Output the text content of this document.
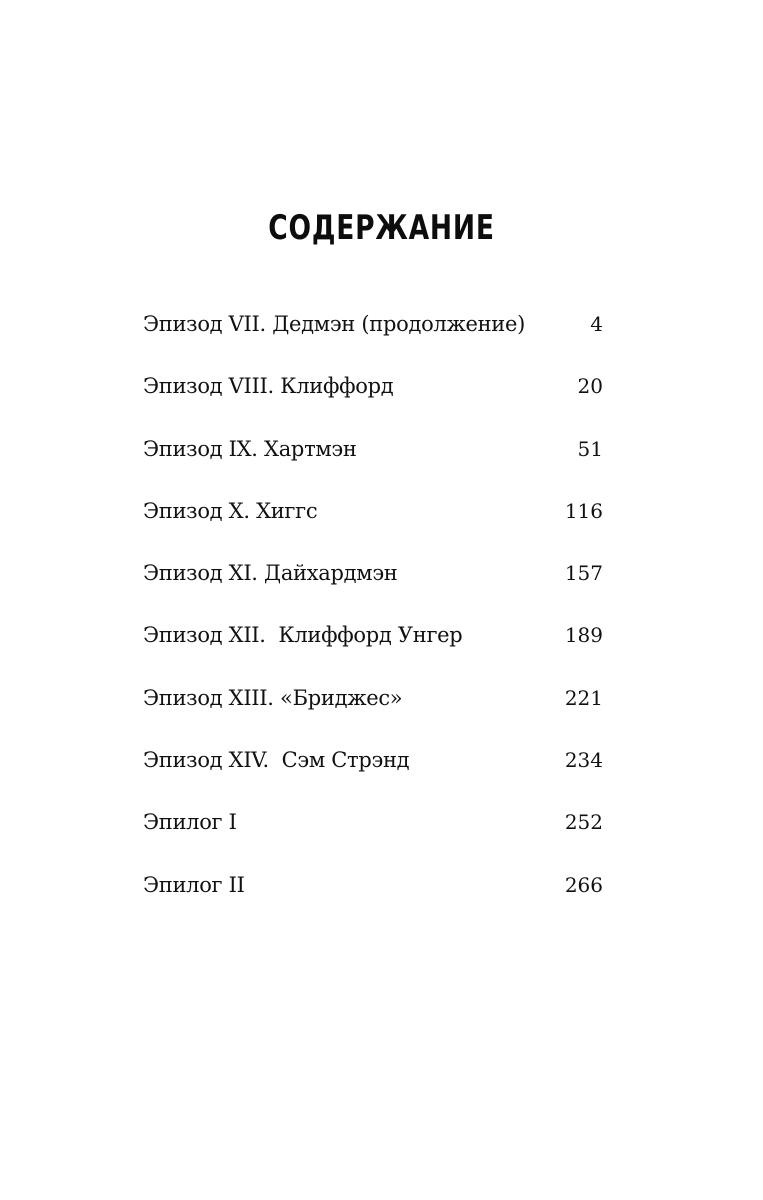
СОДЕРЖАНИЕ
Эпизод VII. Дедмэн (продолжение)	4
Эпизод VIII. Клиффорд	20
Эпизод IX. Хартмэн	51
Эпизод X. Хиггс	116
Эпизод XI. Дайхардмэн	157
Эпизод XII.  Клиффорд Унгер	189
Эпизод XIII. «Бриджес»	221
Эпизод XIV.  Сэм Стрэнд	234
Эпилог I	252
Эпилог II	266
